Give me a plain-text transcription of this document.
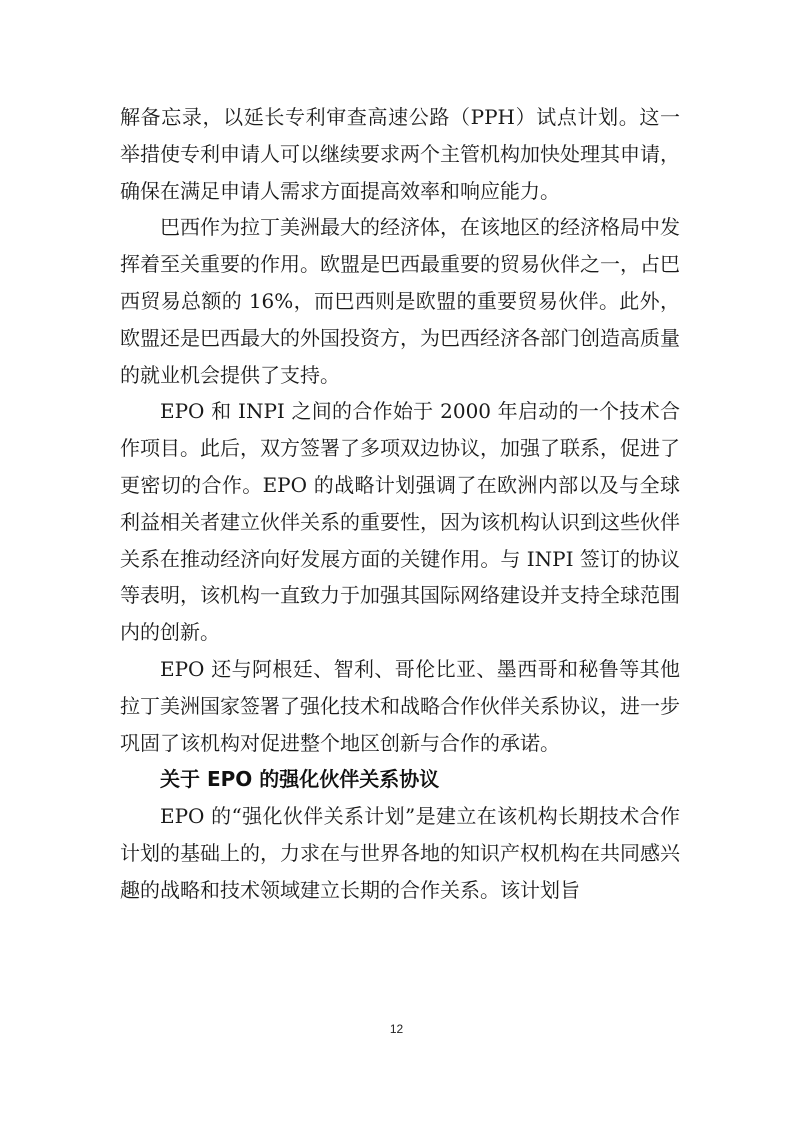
解备忘录，以延长专利审查高速公路（PPH）试点计划。这一举措使专利申请人可以继续要求两个主管机构加快处理其申请，确保在满足申请人需求方面提高效率和响应能力。

巴西作为拉丁美洲最大的经济体，在该地区的经济格局中发挥着至关重要的作用。欧盟是巴西最重要的贸易伙伴之一，占巴西贸易总额的 16%，而巴西则是欧盟的重要贸易伙伴。此外，欧盟还是巴西最大的外国投资方，为巴西经济各部门创造高质量的就业机会提供了支持。

EPO 和 INPI 之间的合作始于 2000 年启动的一个技术合作项目。此后，双方签署了多项双边协议，加强了联系，促进了更密切的合作。EPO 的战略计划强调了在欧洲内部以及与全球利益相关者建立伙伴关系的重要性，因为该机构认识到这些伙伴关系在推动经济向好发展方面的关键作用。与 INPI 签订的协议等表明，该机构一直致力于加强其国际网络建设并支持全球范围内的创新。

EPO 还与阿根廷、智利、哥伦比亚、墨西哥和秘鲁等其他拉丁美洲国家签署了强化技术和战略合作伙伴关系协议，进一步巩固了该机构对促进整个地区创新与合作的承诺。

关于 EPO 的强化伙伴关系协议

EPO 的“强化伙伴关系计划”是建立在该机构长期技术合作计划的基础上的，力求在与世界各地的知识产权机构在共同感兴趣的战略和技术领域建立长期的合作关系。该计划旨

12
